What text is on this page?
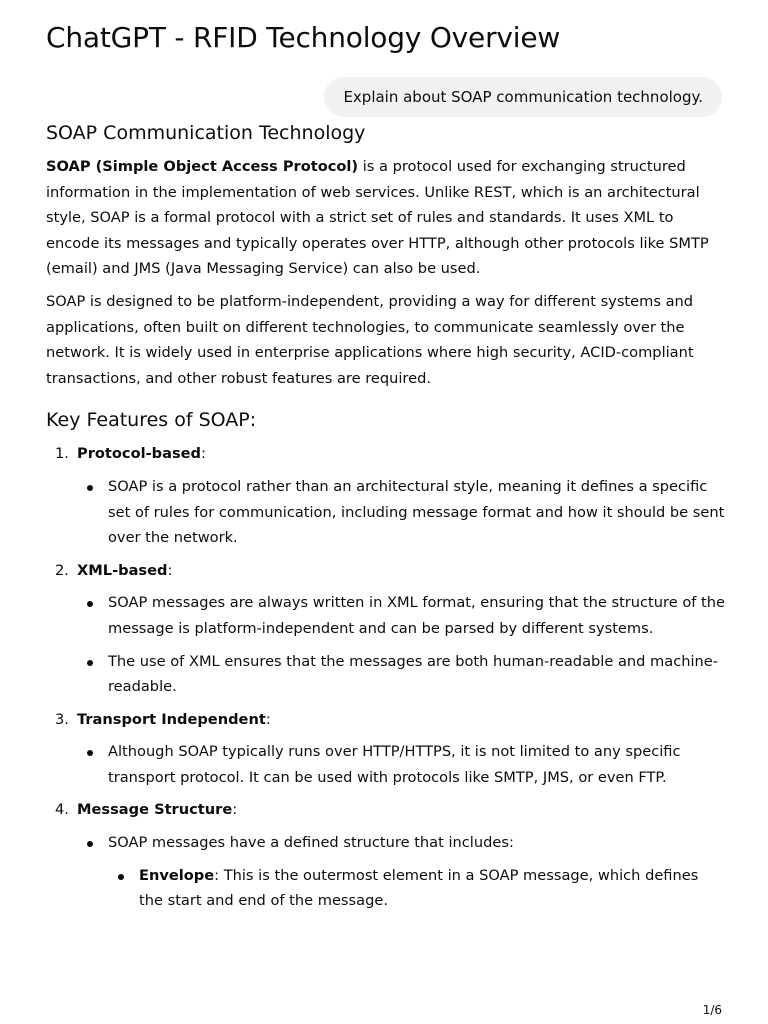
ChatGPT - RFID Technology Overview
Explain about SOAP communication technology.
SOAP Communication Technology

SOAP (Simple Object Access Protocol) is a protocol used for exchanging structured information in the implementation of web services. Unlike REST, which is an architectural style, SOAP is a formal protocol with a strict set of rules and standards. It uses XML to encode its messages and typically operates over HTTP, although other protocols like SMTP (email) and JMS (Java Messaging Service) can also be used.

SOAP is designed to be platform-independent, providing a way for different systems and applications, often built on different technologies, to communicate seamlessly over the network. It is widely used in enterprise applications where high security, ACID-compliant transactions, and other robust features are required.

Key Features of SOAP:
1. Protocol-based:
SOAP is a protocol rather than an architectural style, meaning it defines a specific set of rules for communication, including message format and how it should be sent over the network.
2. XML-based:
SOAP messages are always written in XML format, ensuring that the structure of the message is platform-independent and can be parsed by different systems.
The use of XML ensures that the messages are both human-readable and machine-readable.
3. Transport Independent:
Although SOAP typically runs over HTTP/HTTPS, it is not limited to any specific transport protocol. It can be used with protocols like SMTP, JMS, or even FTP.
4. Message Structure:
SOAP messages have a defined structure that includes:
Envelope: This is the outermost element in a SOAP message, which defines the start and end of the message.
1/6
